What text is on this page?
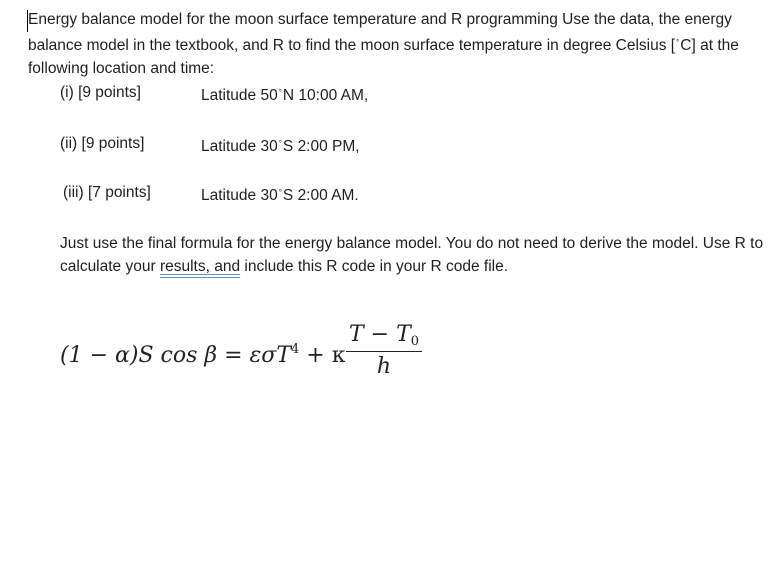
Energy balance model for the moon surface temperature and R programming Use the data, the energy balance model in the textbook, and R to find the moon surface temperature in degree Celsius [°C] at the following location and time:

(i) [9 points]	Latitude 50°N 10:00 AM,
(ii) [9 points]	Latitude 30°S 2:00 PM,
(iii) [7 points]	Latitude 30°S 2:00 AM.

Just use the final formula for the energy balance model. You do not need to derive the model. Use R to calculate your results, and include this R code in your R code file.

(1 − α)S cos β = εσT$^4$ + κ
$T - T_0$
h
